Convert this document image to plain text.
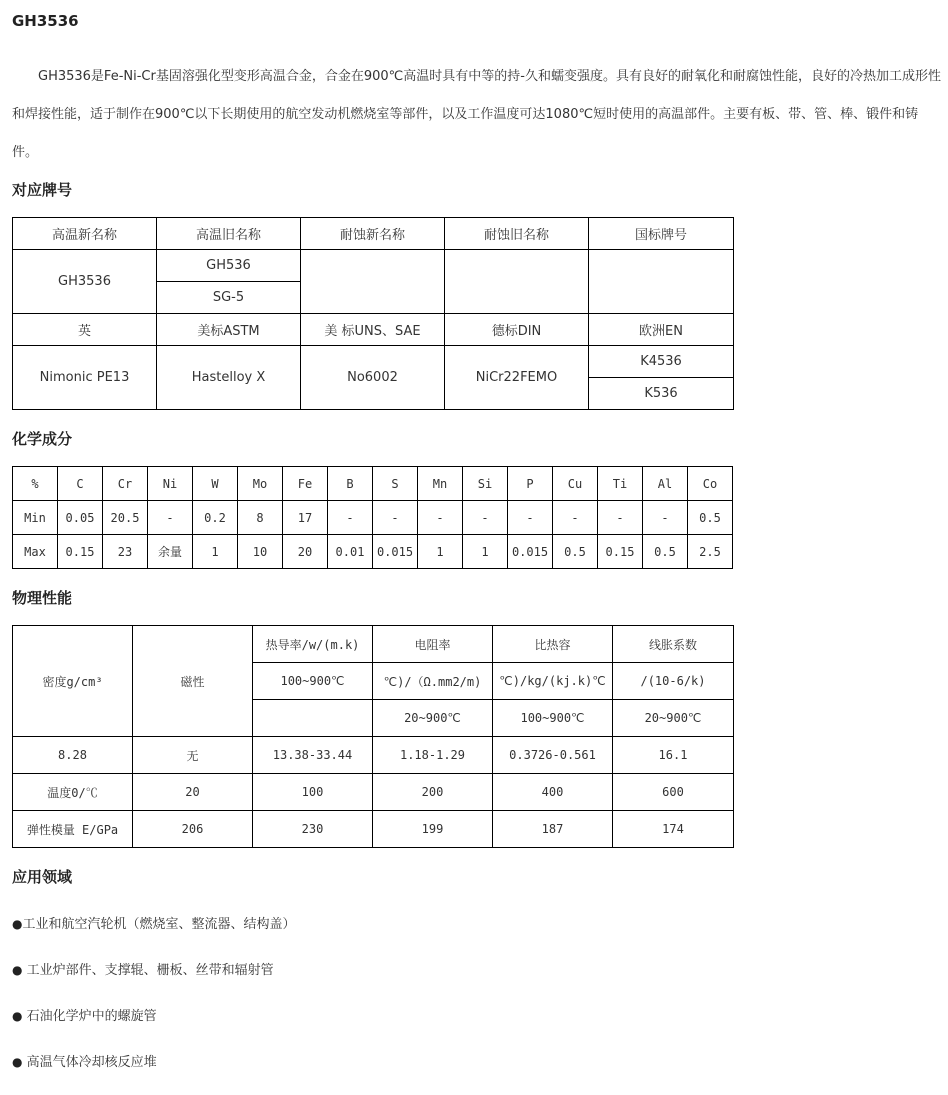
GH3536

GH3536是Fe-Ni-Cr基固溶强化型变形高温合金，合金在900℃高温时具有中等的持-久和蠕变强度。具有良好的耐氧化和耐腐蚀性能，良好的冷热加工成形性和焊接性能，适于制作在900℃以下长期使用的航空发动机燃烧室等部件，以及工作温度可达1080℃短时使用的高温部件。主要有板、带、管、棒、锻件和铸件。

对应牌号
高温新名称	高温旧名称	耐蚀新名称	耐蚀旧名称	国标牌号
GH3536	GH536			
	SG-5			
英	美标ASTM	美 标UNS、SAE	德标DIN	欧洲EN
Nimonic PE13	Hastelloy X	No6002	NiCr22FEMO	K4536
				K536
化学成分
%	C	Cr	Ni	W	Mo	Fe	B	S	Mn	Si	P	Cu	Ti	Al	Co
Min	0.05	20.5	-	0.2	8	17	-	-	-	-	-	-	-	-	0.5
Max	0.15	23	余量	1	10	20	0.01	0.015	1	1	0.015	0.5	0.15	0.5	2.5
物理性能
密度g/cm³	磁性	热导率/w/(m.k)	电阻率	比热容	线胀系数
		100~900℃	℃)/（Ω.mm2/m)	℃)/kg/(kj.k)℃	/(10-6/k)
			20~900℃	100~900℃	20~900℃
8.28	无	13.38-33.44	1.18-1.29	0.3726-0.561	16.1
温度0/℃	20	100	200	400	600
弹性模量 E/GPa	206	230	199	187	174
应用领域
●工业和航空汽轮机（燃烧室、整流器、结构盖）
● 工业炉部件、支撑辊、栅板、丝带和辐射管
● 石油化学炉中的螺旋管
● 高温气体冷却核反应堆
